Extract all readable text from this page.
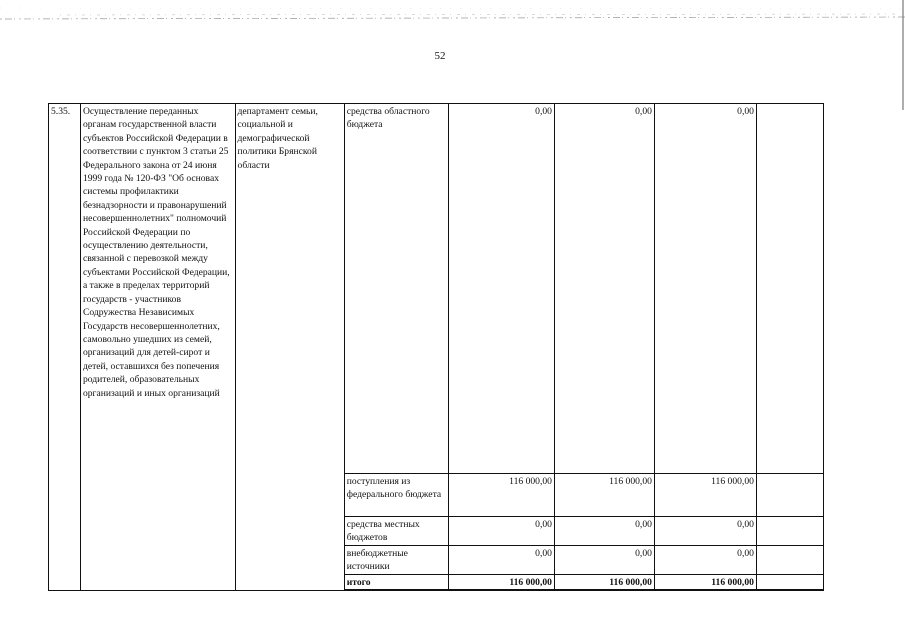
52
5.35.	Осуществление переданных органам государственной власти субъектов Российской Федерации в соответствии с пунктом 3 статьи 25 Федерального закона от 24 июня 1999 года № 120-ФЗ "Об основах системы профилактики безнадзорности и правонарушений несовершеннолетних" полномочий Российской Федерации по осуществлению деятельности, связанной с перевозкой между субъектами Российской Федерации, а также в пределах территорий государств - участников Содружества Независимых Государств несовершеннолетних, самовольно ушедших из семей, организаций для детей-сирот и детей, оставшихся без попечения родителей, образовательных организаций и иных организаций	департамент семьи, социальной и демографической политики Брянской области	средства областного бюджета	0,00	0,00	0,00	
			поступления из федерального бюджета	116 000,00	116 000,00	116 000,00	
			средства местных бюджетов	0,00	0,00	0,00	
			внебюджетные источники	0,00	0,00	0,00	
			итого	116 000,00	116 000,00	116 000,00	
